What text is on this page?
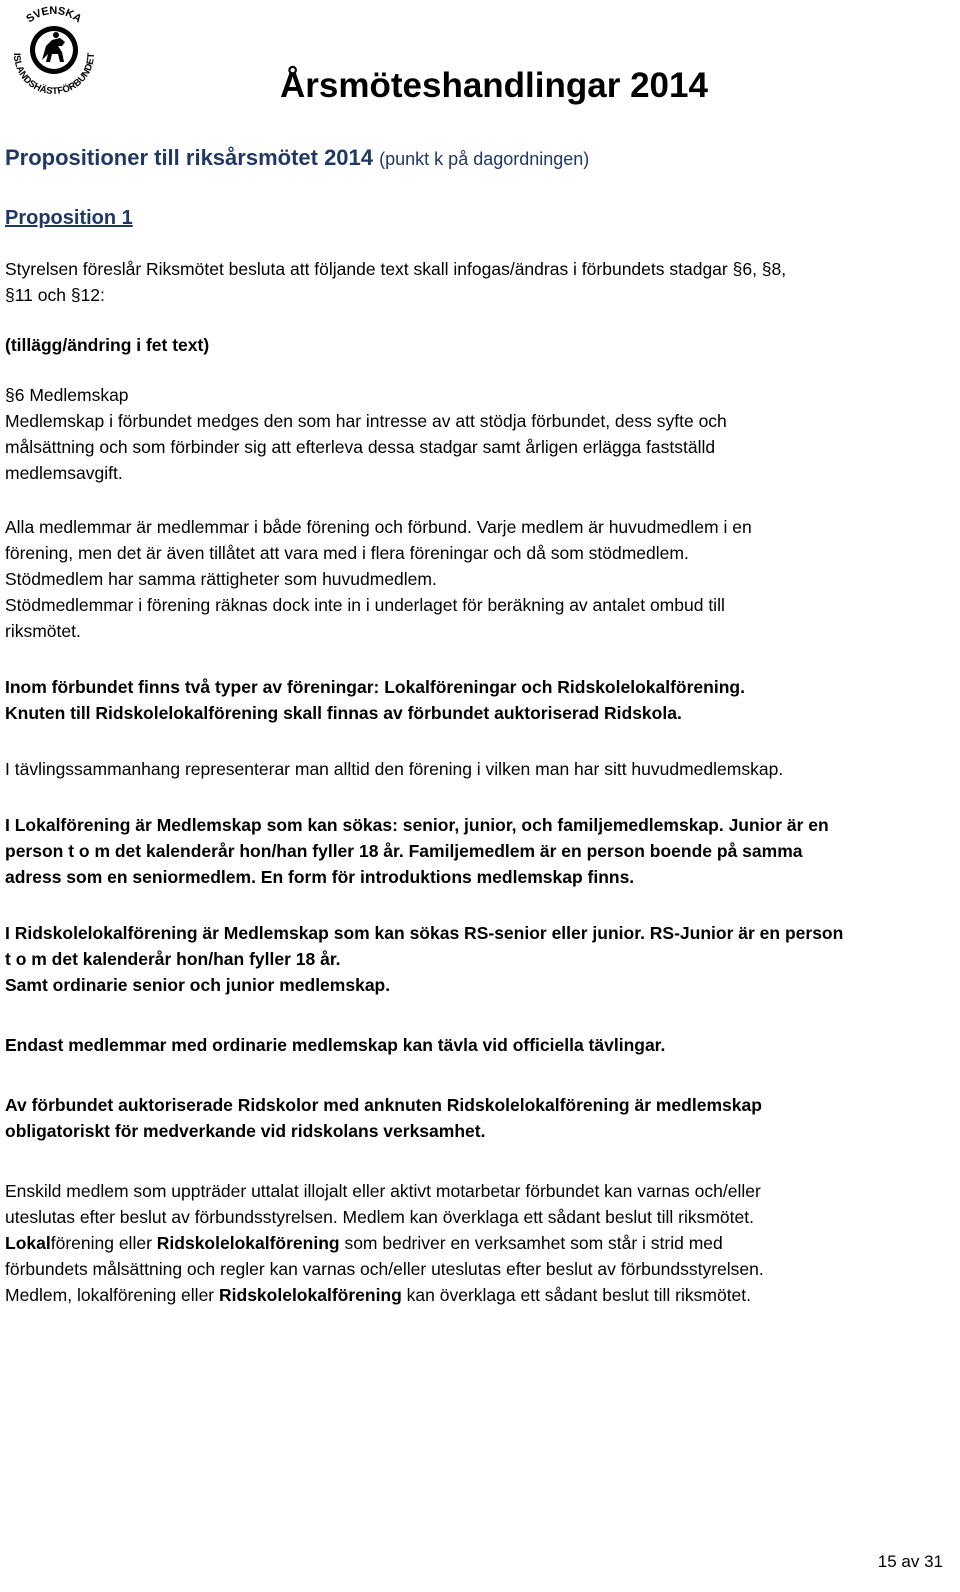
SVENSKA
ISLANDSHÄSTFÖRBUNDET
Årsmöteshandlingar 2014
Propositioner till riksårsmötet 2014 (punkt k på dagordningen)
Proposition 1

Styrelsen föreslår Riksmötet besluta att följande text skall infogas/ändras i förbundets stadgar §6, §8,

§11 och §12:

(tillägg/ändring i fet text)

§6 Medlemskap

Medlemskap i förbundet medges den som har intresse av att stödja förbundet, dess syfte och

målsättning och som förbinder sig att efterleva dessa stadgar samt årligen erlägga fastställd

medlemsavgift.

Alla medlemmar är medlemmar i både förening och förbund. Varje medlem är huvudmedlem i en

förening, men det är även tillåtet att vara med i flera föreningar och då som stödmedlem.

Stödmedlem har samma rättigheter som huvudmedlem.

Stödmedlemmar i förening räknas dock inte in i underlaget för beräkning av antalet ombud till

riksmötet.

Inom förbundet finns två typer av föreningar: Lokalföreningar och Ridskolelokalförening.

Knuten till Ridskolelokalförening skall finnas av förbundet auktoriserad Ridskola.

I tävlingssammanhang representerar man alltid den förening i vilken man har sitt huvudmedlemskap.

I Lokalförening är Medlemskap som kan sökas: senior, junior, och familjemedlemskap. Junior är en

person t o m det kalenderår hon/han fyller 18 år. Familjemedlem är en person boende på samma

adress som en seniormedlem. En form för introduktions medlemskap finns.

I Ridskolelokalförening är Medlemskap som kan sökas RS-senior eller junior. RS-Junior är en person

t o m det kalenderår hon/han fyller 18 år.

Samt ordinarie senior och junior medlemskap.

Endast medlemmar med ordinarie medlemskap kan tävla vid officiella tävlingar.

Av förbundet auktoriserade Ridskolor med anknuten Ridskolelokalförening är medlemskap

obligatoriskt för medverkande vid ridskolans verksamhet.

Enskild medlem som uppträder uttalat illojalt eller aktivt motarbetar förbundet kan varnas och/eller

uteslutas efter beslut av förbundsstyrelsen. Medlem kan överklaga ett sådant beslut till riksmötet.

Lokalförening eller Ridskolelokalförening som bedriver en verksamhet som står i strid med

förbundets målsättning och regler kan varnas och/eller uteslutas efter beslut av förbundsstyrelsen.

Medlem, lokalförening eller Ridskolelokalförening kan överklaga ett sådant beslut till riksmötet.

15 av 31
